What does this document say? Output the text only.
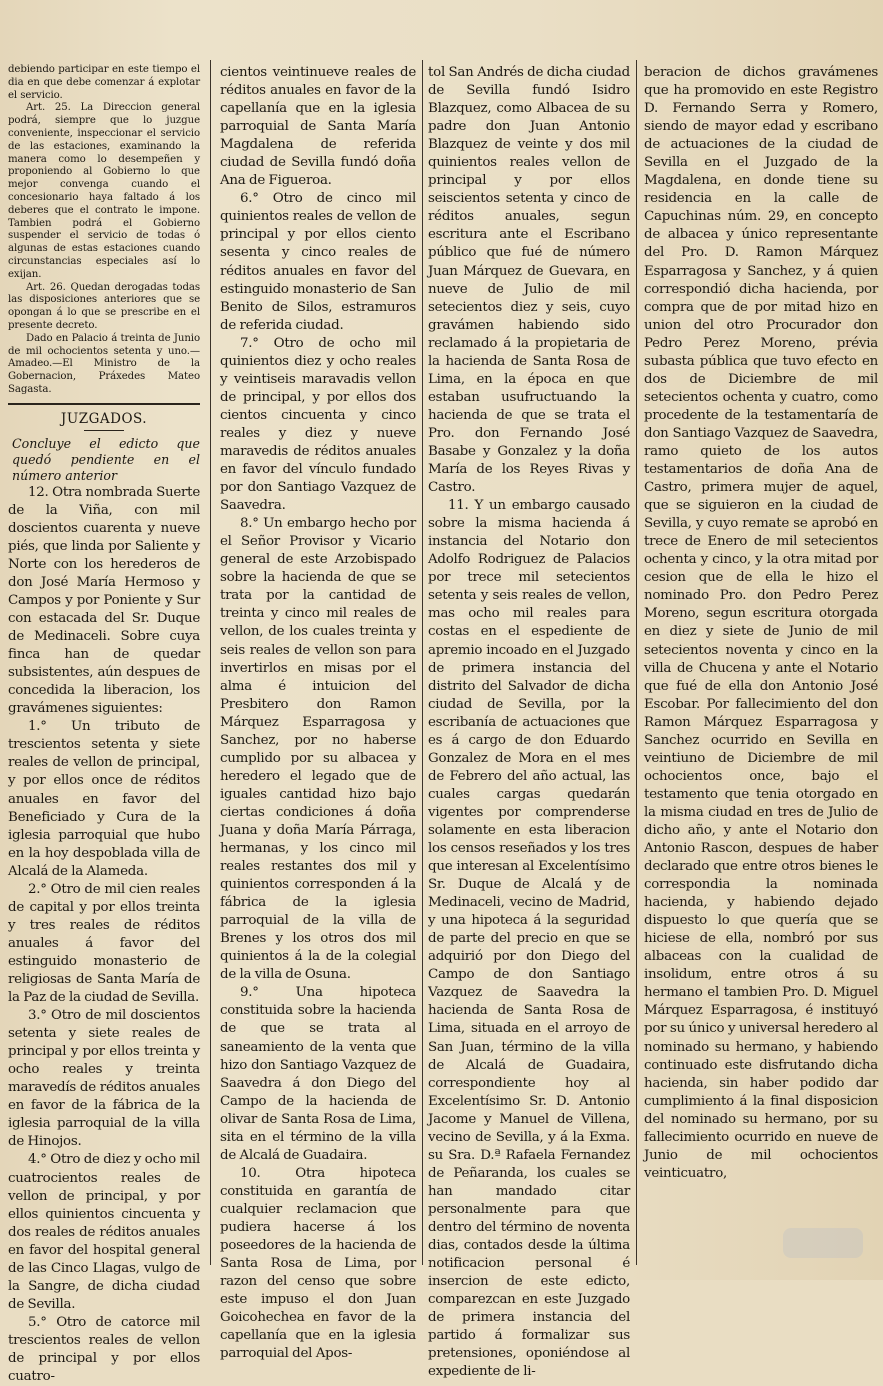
debiendo participar en este tiempo el dia en que debe comenzar á explotar el servicio.

Art. 25. La Direccion general podrá, siempre que lo juzgue conveniente, inspeccionar el servicio de las estaciones, examinando la manera como lo desempeñen y proponiendo al Gobierno lo que mejor convenga cuando el concesionario haya faltado á los deberes que el contrato le impone. Tambien podrá el Gobierno suspender el servicio de todas ó algunas de estas estaciones cuando circunstancias especiales así lo exijan.

Art. 26. Quedan derogadas todas las disposiciones anteriores que se opongan á lo que se prescribe en el presente decreto.

Dado en Palacio á treinta de Junio de mil ochocientos setenta y uno.—Amadeo.—El Ministro de la Gobernacion, Práxedes Mateo Sagasta.

JUZGADOS.

Concluye el edicto que quedó pendiente en el número anterior

12. Otra nombrada Suerte de la Viña, con mil doscientos cuarenta y nueve piés, que linda por Saliente y Norte con los herederos de don José María Hermoso y Campos y por Poniente y Sur con estacada del Sr. Duque de Medinaceli. Sobre cuya finca han de quedar subsistentes, aún despues de concedida la liberacion, los gravámenes siguientes:

1.° Un tributo de trescientos setenta y siete reales de vellon de principal, y por ellos once de réditos anuales en favor del Beneficiado y Cura de la iglesia parroquial que hubo en la hoy despoblada villa de Alcalá de la Alameda.

2.° Otro de mil cien reales de capital y por ellos treinta y tres reales de réditos anuales á favor del estinguido monasterio de religiosas de Santa María de la Paz de la ciudad de Sevilla.

3.° Otro de mil doscientos setenta y siete reales de principal y por ellos treinta y ocho reales y treinta maravedís de réditos anuales en favor de la fábrica de la iglesia parroquial de la villa de Hinojos.

4.° Otro de diez y ocho mil cuatrocientos reales de vellon de principal, y por ellos quinientos cincuenta y dos reales de réditos anuales en favor del hospital general de las Cinco Llagas, vulgo de la Sangre, de dicha ciudad de Sevilla.

5.° Otro de catorce mil trescientos reales de vellon de principal y por ellos cuatro-

cientos veintinueve reales de réditos anuales en favor de la capellanía que en la iglesia parroquial de Santa María Magdalena de referida ciudad de Sevilla fundó doña Ana de Figueroa.

6.° Otro de cinco mil quinientos reales de vellon de principal y por ellos ciento sesenta y cinco reales de réditos anuales en favor del estinguido monasterio de San Benito de Silos, estramuros de referida ciudad.

7.° Otro de ocho mil quinientos diez y ocho reales y veintiseis maravadis vellon de principal, y por ellos dos cientos cincuenta y cinco reales y diez y nueve maravedis de réditos anuales en favor del vínculo fundado por don Santiago Vazquez de Saavedra.

8.° Un embargo hecho por el Señor Provisor y Vicario general de este Arzobispado sobre la hacienda de que se trata por la cantidad de treinta y cinco mil reales de vellon, de los cuales treinta y seis reales de vellon son para invertirlos en misas por el alma é intuicion del Presbitero don Ramon Márquez Esparragosa y Sanchez, por no haberse cumplido por su albacea y heredero el legado que de iguales cantidad hizo bajo ciertas condiciones á doña Juana y doña María Párraga, hermanas, y los cinco mil reales restantes dos mil y quinientos corresponden á la fábrica de la iglesia parroquial de la villa de Brenes y los otros dos mil quinientos á la de la colegial de la villa de Osuna.

9.° Una hipoteca constituida sobre la hacienda de que se trata al saneamiento de la venta que hizo don Santiago Vazquez de Saavedra á don Diego del Campo de la hacienda de olivar de Santa Rosa de Lima, sita en el término de la villa de Alcalá de Guadaira.

10. Otra hipoteca constituida en garantía de cualquier reclamacion que pudiera hacerse á los poseedores de la hacienda de Santa Rosa de Lima, por razon del censo que sobre este impuso el don Juan Goicohechea en favor de la capellanía que en la iglesia parroquial del Apos-

tol San Andrés de dicha ciudad de Sevilla fundó Isidro Blazquez, como Albacea de su padre don Juan Antonio Blazquez de veinte y dos mil quinientos reales vellon de principal y por ellos seiscientos setenta y cinco de réditos anuales, segun escritura ante el Escribano público que fué de número Juan Márquez de Guevara, en nueve de Julio de mil setecientos diez y seis, cuyo gravámen habiendo sido reclamado á la propietaria de la hacienda de Santa Rosa de Lima, en la época en que estaban usufructuando la hacienda de que se trata el Pro. don Fernando José Basabe y Gonzalez y la doña María de los Reyes Rivas y Castro.

11. Y un embargo causado sobre la misma hacienda á instancia del Notario don Adolfo Rodriguez de Palacios por trece mil setecientos setenta y seis reales de vellon, mas ocho mil reales para costas en el espediente de apremio incoado en el Juzgado de primera instancia del distrito del Salvador de dicha ciudad de Sevilla, por la escribanía de actuaciones que es á cargo de don Eduardo Gonzalez de Mora en el mes de Febrero del año actual, las cuales cargas quedarán vigentes por comprenderse solamente en esta liberacion los censos reseñados y los tres que interesan al Excelentísimo Sr. Duque de Alcalá y de Medinaceli, vecino de Madrid, y una hipoteca á la seguridad de parte del precio en que se adquirió por don Diego del Campo de don Santiago Vazquez de Saavedra la hacienda de Santa Rosa de Lima, situada en el arroyo de San Juan, término de la villa de Alcalá de Guadaira, correspondiente hoy al Excelentísimo Sr. D. Antonio Jacome y Manuel de Villena, vecino de Sevilla, y á la Exma. su Sra. D.ª Rafaela Fernandez de Peñaranda, los cuales se han mandado citar personalmente para que dentro del término de noventa dias, contados desde la última notificacion personal é insercion de este edicto, comparezcan en este Juzgado de primera instancia del partido á formalizar sus pretensiones, oponiéndose al expediente de li-

beracion de dichos gravámenes que ha promovido en este Registro D. Fernando Serra y Romero, siendo de mayor edad y escribano de actuaciones de la ciudad de Sevilla en el Juzgado de la Magdalena, en donde tiene su residencia en la calle de Capuchinas núm. 29, en concepto de albacea y único representante del Pro. D. Ramon Márquez Esparragosa y Sanchez, y á quien correspondió dicha hacienda, por compra que de por mitad hizo en union del otro Procurador don Pedro Perez Moreno, prévia subasta pública que tuvo efecto en dos de Diciembre de mil setecientos ochenta y cuatro, como procedente de la testamentaría de don Santiago Vazquez de Saavedra, ramo quieto de los autos testamentarios de doña Ana de Castro, primera mujer de aquel, que se siguieron en la ciudad de Sevilla, y cuyo remate se aprobó en trece de Enero de mil setecientos ochenta y cinco, y la otra mitad por cesion que de ella le hizo el nominado Pro. don Pedro Perez Moreno, segun escritura otorgada en diez y siete de Junio de mil setecientos noventa y cinco en la villa de Chucena y ante el Notario que fué de ella don Antonio José Escobar. Por fallecimiento del don Ramon Márquez Esparragosa y Sanchez ocurrido en Sevilla en veintiuno de Diciembre de mil ochocientos once, bajo el testamento que tenia otorgado en la misma ciudad en tres de Julio de dicho año, y ante el Notario don Antonio Rascon, despues de haber declarado que entre otros bienes le correspondia la nominada hacienda, y habiendo dejado dispuesto lo que quería que se hiciese de ella, nombró por sus albaceas con la cualidad de insolidum, entre otros á su hermano el tambien Pro. D. Miguel Márquez Esparragosa, é instituyó por su único y universal heredero al nominado su hermano, y habiendo continuado este disfrutando dicha hacienda, sin haber podido dar cumplimiento á la final disposicion del nominado su hermano, por su fallecimiento ocurrido en nueve de Junio de mil ochocientos veinticuatro,
